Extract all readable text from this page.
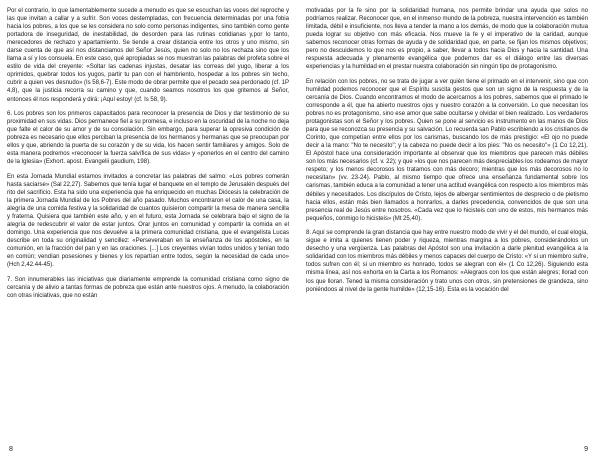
Por el contrario, lo que lamentablemente sucede a menudo es que se escuchan las voces del reproche y las que invitan a callar y a sufrir. Son voces destempladas, con frecuencia determinadas por una fobia hacia los pobres, a los que se les considera no solo como personas indigentes, sino también como gente portadora de inseguridad, de inestabilidad, de desorden para las rutinas cotidianas y,por lo tanto, merecedores de rechazo y apartamiento. Se tiende a crear distancia entre los otros y uno mismo, sin darse cuenta de que así nos distanciamos del Señor Jesús, quien no solo no los rechaza sino que los llama a sí y los consuela. En este caso, qué apropiadas se nos muestran las palabras del profeta sobre el estilo de vida del creyente: «Soltar las cadenas injustas, desatar las correas del yugo, liberar a los oprimidos, quebrar todos los yugos, partir tu pan con el hambriento, hospedar a los pobres sin techo, cubrir a quien ves desnudo» (Is 58,6-7). Este modo de obrar permite que el pecado sea perdonado (cf. 1P 4,8), que la justicia recorra su camino y que, cuando seamos nosotros los que gritemos al Señor, entonces él nos responderá y dirá: ¡Aquí estoy! (cf. Is 58, 9).

6. Los pobres son los primeros capacitados para reconocer la presencia de Dios y dar testimonio de su proximidad en sus vidas. Dios permanece fiel a su promesa, e incluso en la oscuridad de la noche no deja que falte el calor de su amor y de su consolación. Sin embargo, para superar la opresiva condición de pobreza es necesario que ellos perciban la presencia de los hermanos y hermanas que se preocupan por ellos y que, abriendo la puerta de su corazón y de su vida, los hacen sentir familiares y amigos. Solo de esta manera podremos «reconocer la fuerza salvífica de sus vidas» y «ponerlos en el centro del camino de la Iglesia» (Exhort. apost. Evangelii gaudium, 198).

En esta Jornada Mundial estamos invitados a concretar las palabras del salmo: «Los pobres comerán hasta saciarse» (Sal 22,27). Sabemos que tenía lugar el banquete en el templo de Jerusalén después del rito del sacrificio. Esta ha sido una experiencia que ha enriquecido en muchas Diócesis la celebración de la primera Jornada Mundial de los Pobres del año pasado. Muchos encontraron el calor de una casa, la alegría de una comida festiva y la solidaridad de cuantos quisieron compartir la mesa de manera sencilla y fraterna. Quisiera que también este año, y en el futuro, esta Jornada se celebrara bajo el signo de la alegría de redescubrir el valor de estar juntos. Orar juntos en comunidad y compartir la comida en el domingo. Una experiencia que nos devuelve a la primera comunidad cristiana, que el evangelista Lucas describe en toda su originalidad y sencillez: «Perseveraban en la enseñanza de los apóstoles, en la comunión, en la fracción del pan y en las oraciones. [...] Los creyentes vivían todos unidos y tenían todo en común; vendían posesiones y bienes y los repartían entre todos, según la necesidad de cada uno» (Hch 2,42.44-45).

7. Son innumerables las iniciativas que diariamente emprende la comunidad cristiana como signo de cercanía y de alivio a tantas formas de pobreza que están ante nuestros ojos. A menudo, la colaboración con otras iniciativas, que no están

8

motivadas por la fe sino por la solidaridad humana, nos permite brindar una ayuda que solos no podríamos realizar. Reconocer que, en el inmenso mundo de la pobreza, nuestra intervención es también limitada, débil e insuficiente, nos lleva a tender la mano a los demás, de modo que la colaboración mutua pueda lograr su objetivo con más eficacia. Nos mueve la fe y el imperativo de la caridad, aunque sabemos reconocer otras formas de ayuda y de solidaridad que, en parte, se fijan los mismos objetivos; pero no descuidemos lo que nos es propio, a saber, llevar a todos hacia Dios y hacia la santidad. Una respuesta adecuada y plenamente evangélica que podemos dar es el diálogo entre las diversas experiencias y la humildad en el prestar nuestra colaboración sin ningún tipo de protagonismo.

En relación con los pobres, no se trata de jugar a ver quién tiene el primado en el intervenir, sino que con humildad podemos reconocer que el Espíritu suscita gestos que son un signo de la respuesta y de la cercanía de Dios. Cuando encontramos el modo de acercarnos a los pobres, sabemos que el primado le corresponde a él, que ha abierto nuestros ojos y nuestro corazón a la conversión. Lo que necesitan los pobres no es protagonismo, sino ese amor que sabe ocultarse y olvidar el bien realizado. Los verdaderos protagonistas son el Señor y los pobres. Quien se pone al servicio es instrumento en las manos de Dios para que se reconozca su presencia y su salvación. Lo recuerda san Pablo escribiendo a los cristianos de Corinto, que competían entre ellos por los carismas, buscando los de más prestigio: «El ojo no puede decir a la mano: "No te necesito"; y la cabeza no puede decir a los pies: "No os necesito"» (1 Co 12,21). El Apóstol hace una consideración importante al observar que los miembros que parecen más débiles son los más necesarios (cf. v. 22); y que «los que nos parecen más despreciables los rodeamos de mayor respeto; y los menos decorosos los tratamos con más decoro; mientras que los más decorosos no lo necesitan» (vv. 23-24). Pablo, al mismo tiempo que ofrece una enseñanza fundamental sobre los carismas, también educa a la comunidad a tener una actitud evangélica con respecto a los miembros más débiles y necesitados. Los discípulos de Cristo, lejos de albergar sentimientos de desprecio o de pietismo hacia ellos, están más bien llamados a honrarlos, a darles precedencia, convencidos de que son una presencia real de Jesús entre nosotros. «Cada vez que lo hicisteis con uno de estos, mis hermanos más pequeños, conmigo lo hicisteis» (Mt 25,40).

8. Aquí se comprende la gran distancia que hay entre nuestro modo de vivir y el del mundo, el cual elogia, sigue e imita a quienes tienen poder y riqueza, mientras margina a los pobres, considerándolos un desecho y una vergüenza. Las palabras del Apóstol son una invitación a darle plenitud evangélica a la solidaridad con los miembros más débiles y menos capaces del cuerpo de Cristo: «Y si un miembro sufre, todos sufren con él; si un miembro es honrado, todos se alegran con él» (1 Co 12,26). Siguiendo esta misma línea, así nos exhorta en la Carta a los Romanos: «Alegraos con los que están alegres; llorad con los que lloran. Tened la misma consideración y trato unos con otros, sin pretensiones de grandeza, sino poniéndoos al nivel de la gente humilde» (12,15-16). Esta es la vocación del

9
